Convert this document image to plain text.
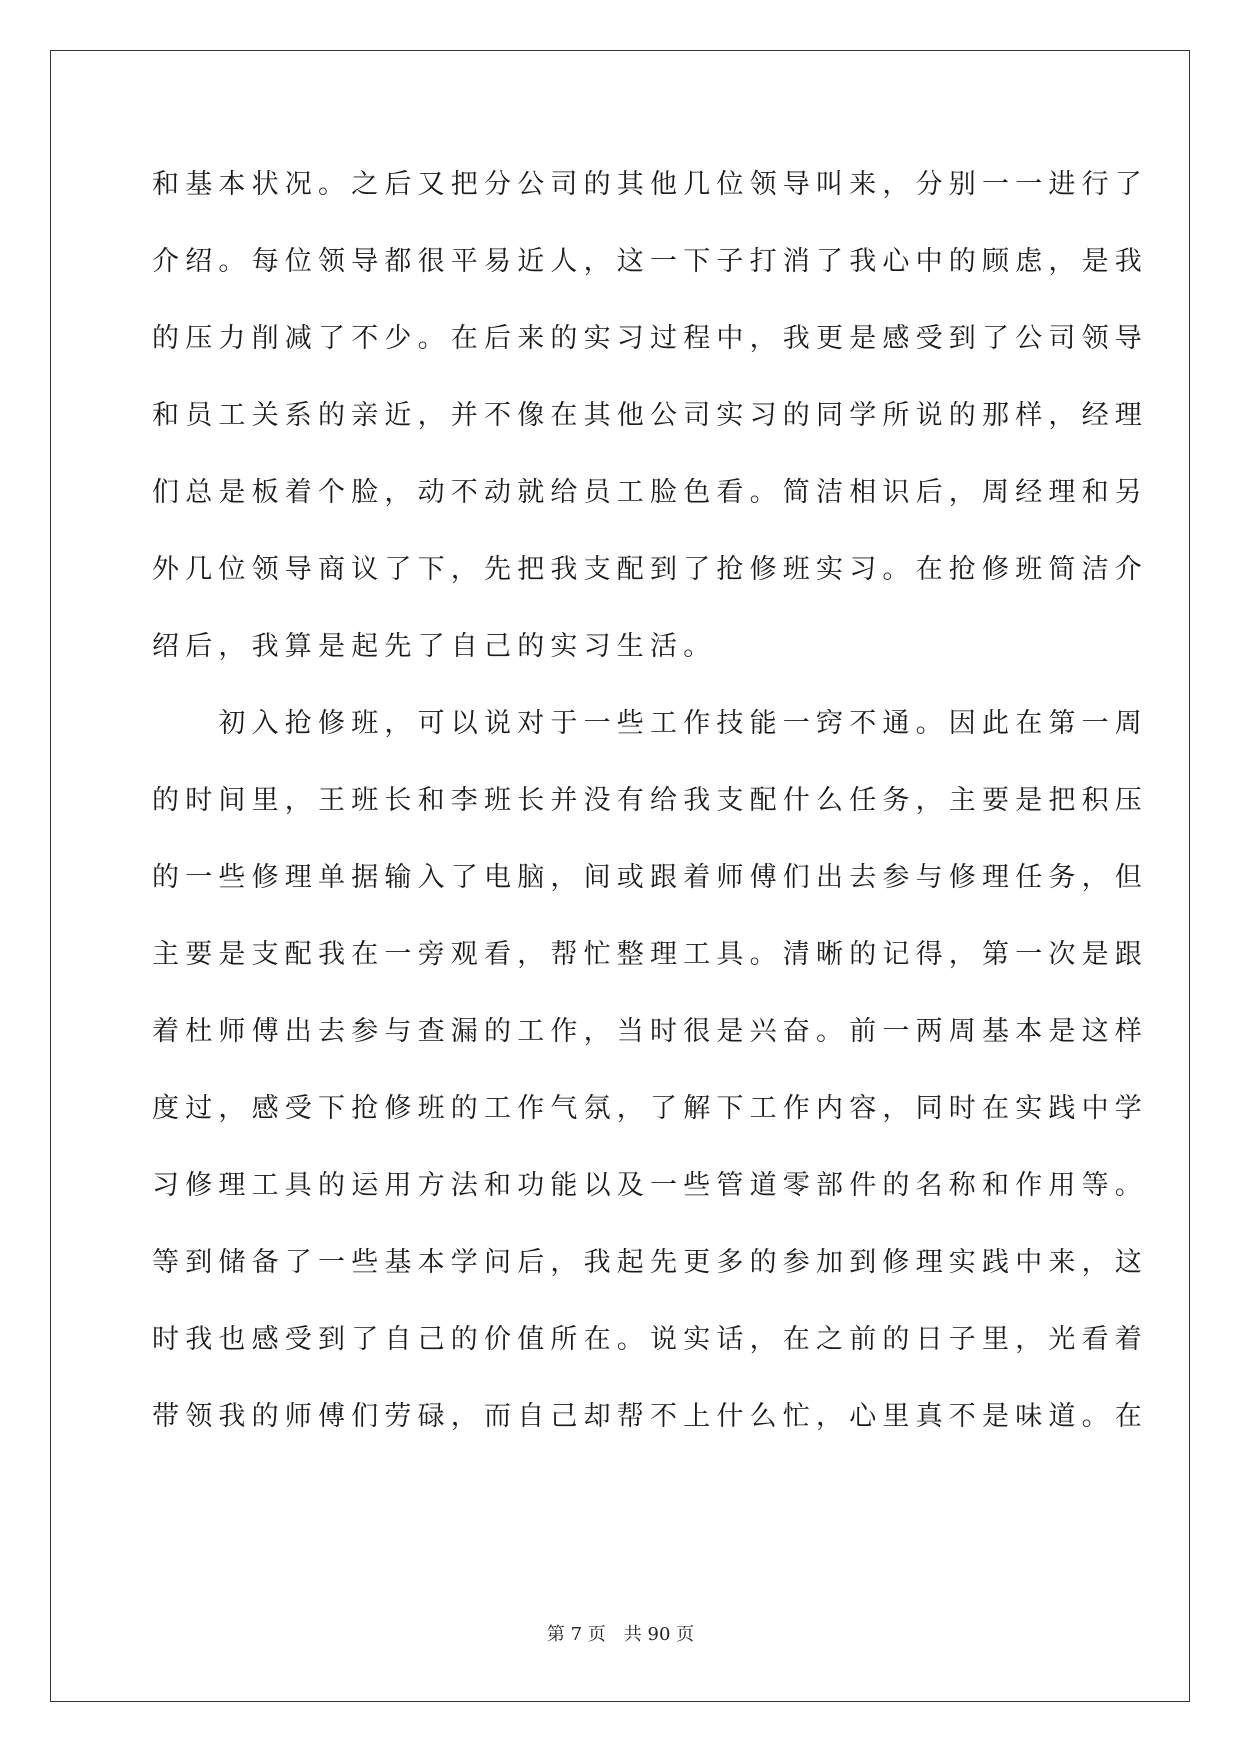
和基本状况。之后又把分公司的其他几位领导叫来，分别一一进行了
介绍。每位领导都很平易近人，这一下子打消了我心中的顾虑，是我
的压力削减了不少。在后来的实习过程中，我更是感受到了公司领导
和员工关系的亲近，并不像在其他公司实习的同学所说的那样，经理
们总是板着个脸，动不动就给员工脸色看。简洁相识后，周经理和另
外几位领导商议了下，先把我支配到了抢修班实习。在抢修班简洁介
绍后，我算是起先了自己的实习生活。
　　初入抢修班，可以说对于一些工作技能一窍不通。因此在第一周
的时间里，王班长和李班长并没有给我支配什么任务，主要是把积压
的一些修理单据输入了电脑，间或跟着师傅们出去参与修理任务，但
主要是支配我在一旁观看，帮忙整理工具。清晰的记得，第一次是跟
着杜师傅出去参与查漏的工作，当时很是兴奋。前一两周基本是这样
度过，感受下抢修班的工作气氛，了解下工作内容，同时在实践中学
习修理工具的运用方法和功能以及一些管道零部件的名称和作用等。
等到储备了一些基本学问后，我起先更多的参加到修理实践中来，这
时我也感受到了自己的价值所在。说实话，在之前的日子里，光看着
带领我的师傅们劳碌，而自己却帮不上什么忙，心里真不是味道。在
第 7 页　共 90 页
